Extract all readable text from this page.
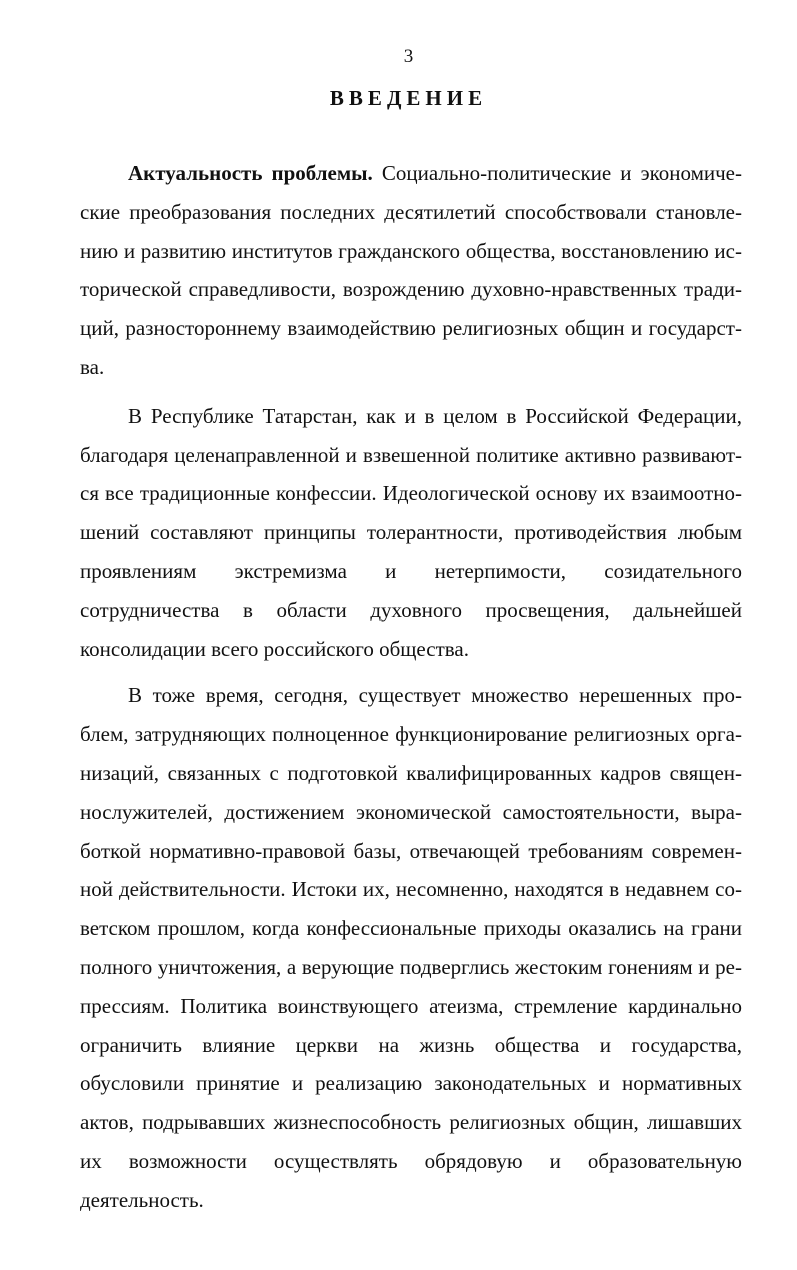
3
ВВЕДЕНИЕ

Актуальность проблемы. Социально-политические и экономические преобразования последних десятилетий способствовали становлению и развитию институтов гражданского общества, восстановлению исторической справедливости, возрождению духовно-нравственных традиций, разностороннему взаимодействию религиозных общин и государства.

В Республике Татарстан, как и в целом в Российской Федерации, благодаря целенаправленной и взвешенной политике активно развиваются все традиционные конфессии. Идеологической основу их взаимоотношений составляют принципы толерантности, противодействия любым проявлениям экстремизма и нетерпимости, созидательного сотрудничества в области духовного просвещения, дальнейшей консолидации всего российского общества.

В тоже время, сегодня, существует множество нерешенных проблем, затрудняющих полноценное функционирование религиозных организаций, связанных с подготовкой квалифицированных кадров священнослужителей, достижением экономической самостоятельности, выработкой нормативно-правовой базы, отвечающей требованиям современной действительности. Истоки их, несомненно, находятся в недавнем советском прошлом, когда конфессиональные приходы оказались на грани полного уничтожения, а верующие подверглись жестоким гонениям и репрессиям. Политика воинствующего атеизма, стремление кардинально ограничить влияние церкви на жизнь общества и государства, обусловили принятие и реализацию законодательных и нормативных актов, подрывавших жизнеспособность религиозных общин, лишавших их возможности осуществлять обрядовую и образовательную деятельность.
